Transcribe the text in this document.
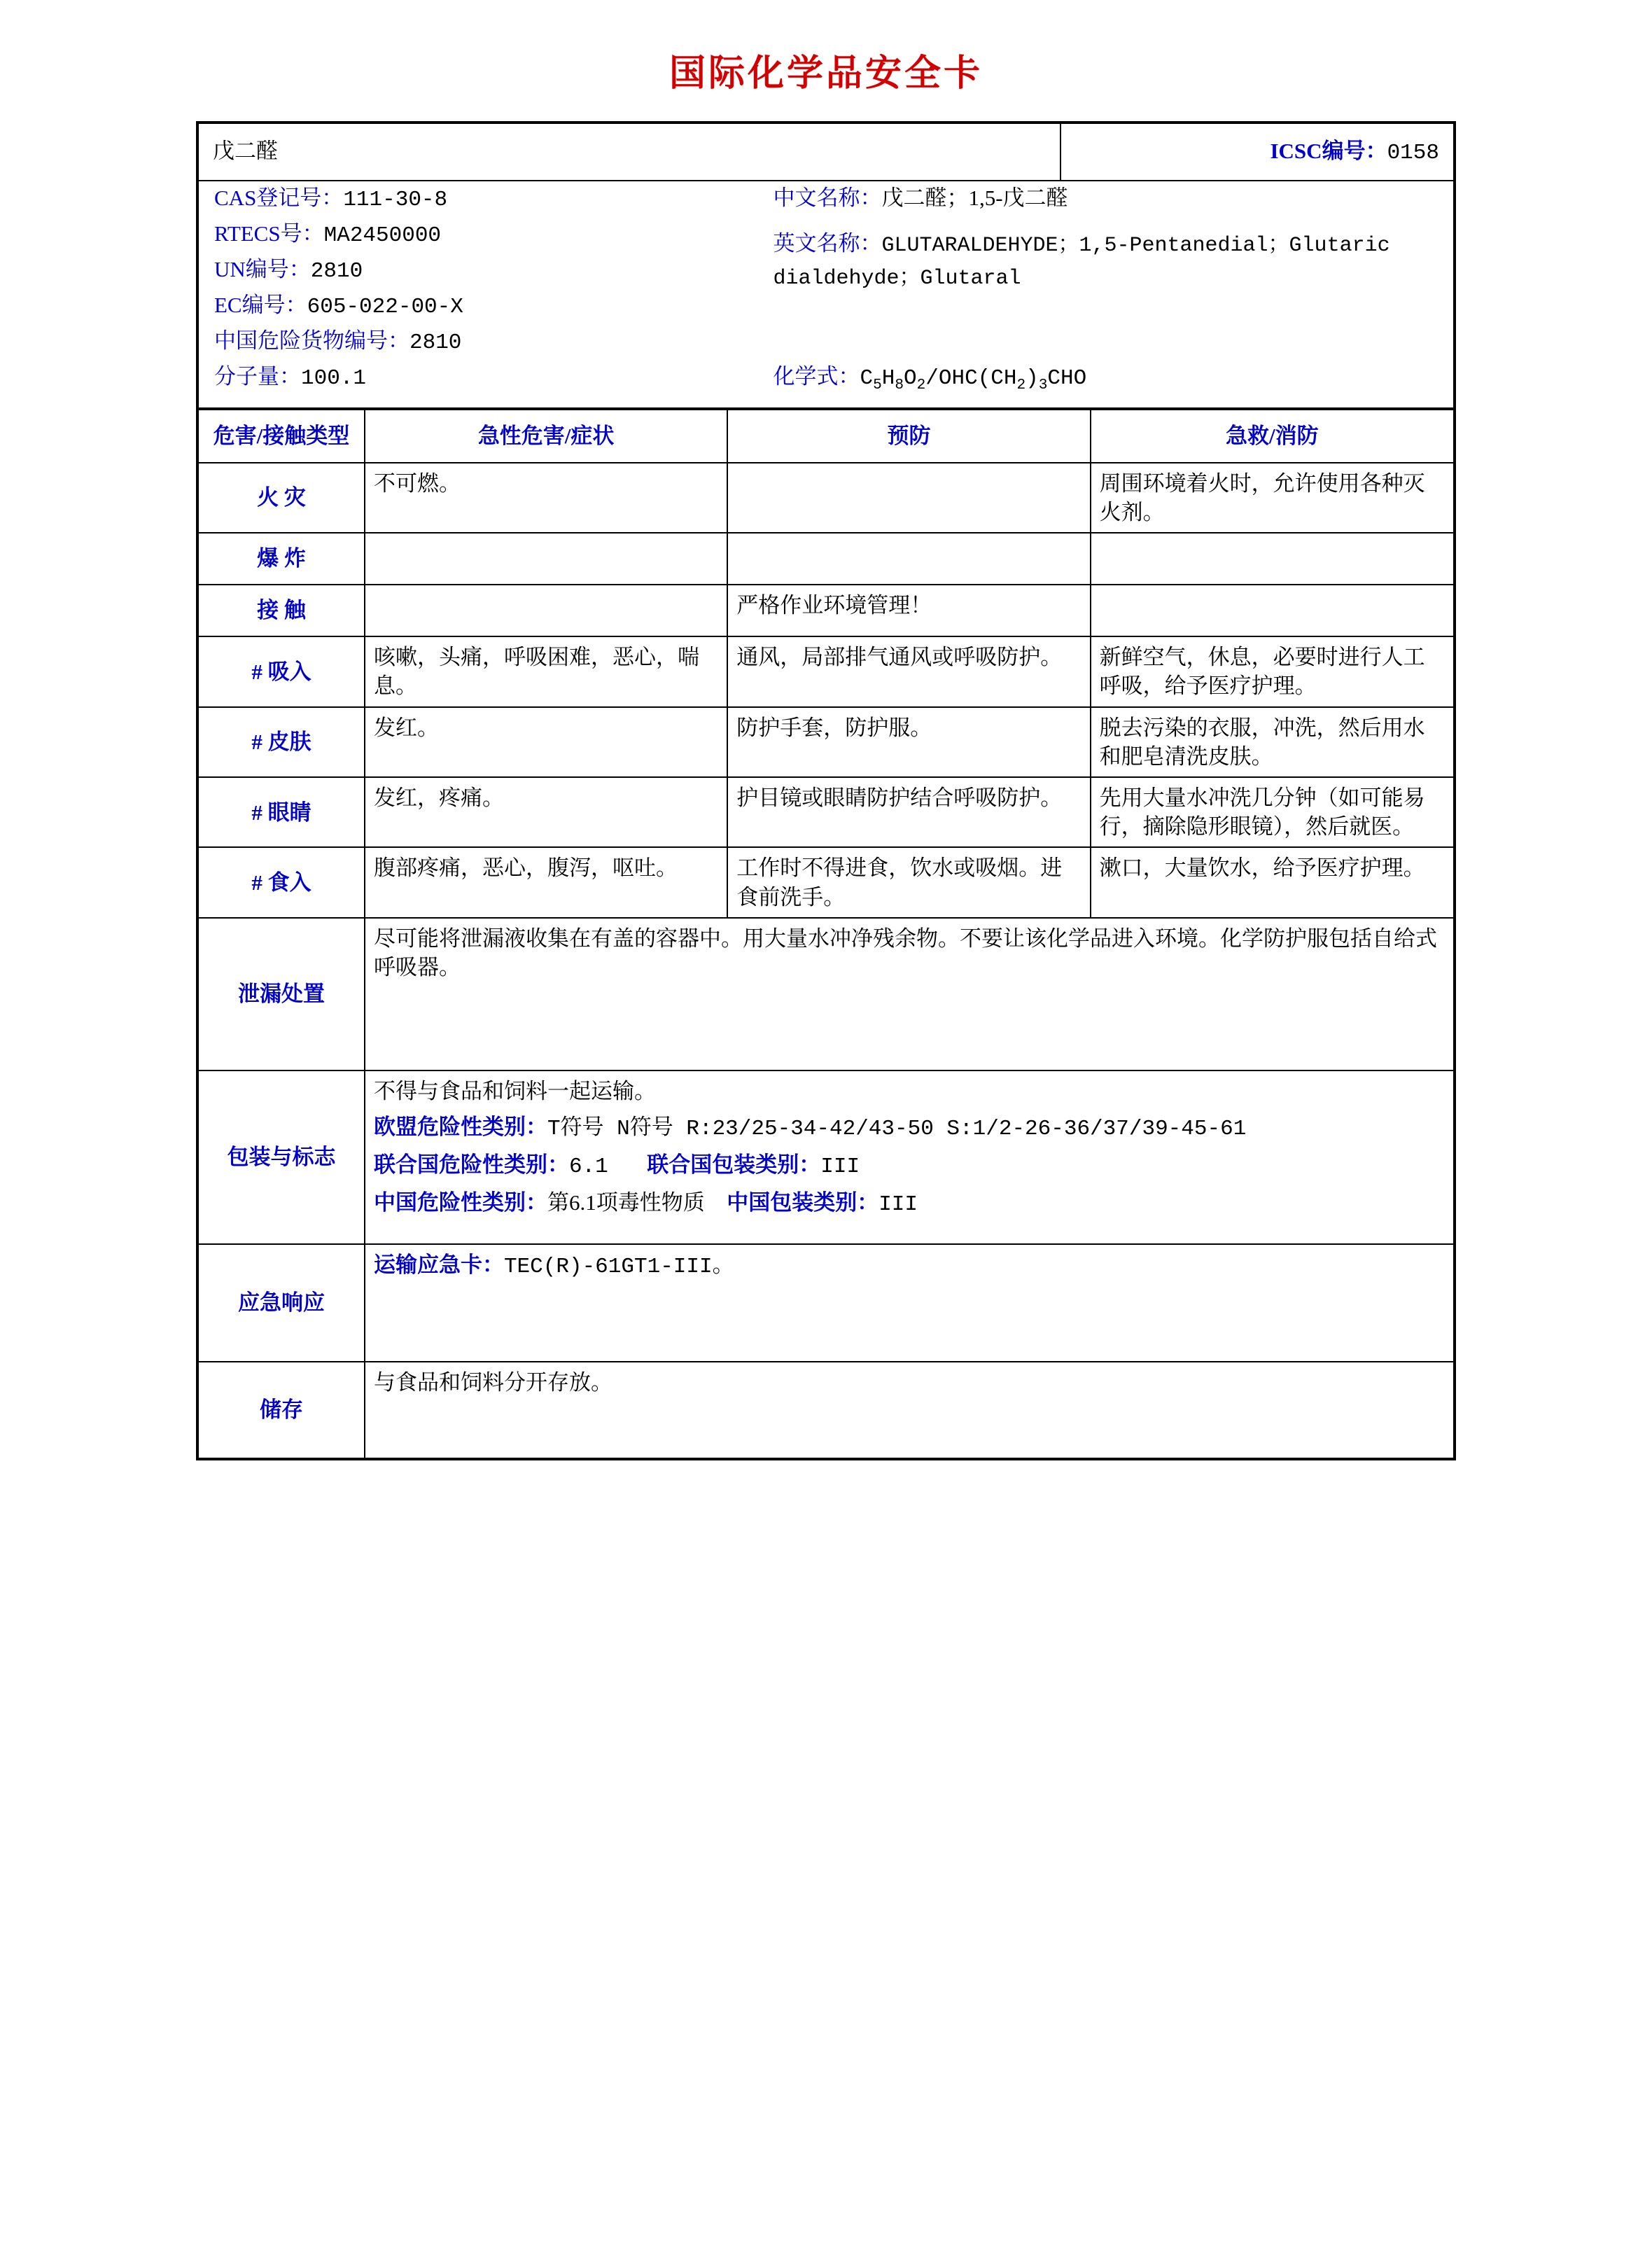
国际化学品安全卡
戊二醛	ICSC编号：0158
CAS登记号：111-30-8	中文名称：戊二醛；1,5-戊二醛
RTECS号：MA2450000	英文名称：GLUTARALDEHYDE；1,5-Pentanedial；Glutaric dialdehyde；Glutaral

UN编号：2810	
EC编号：605-022-00-X	
中国危险货物编号：2810	
分子量：100.1	化学式：$C_5H_8O_2/OHC(CH_2)_3CHO$
危害/接触类型	急性危害/症状	预防	急救/消防
火 灾	不可燃。		周围环境着火时，允许使用各种灭火剂。
爆 炸			
接 触		严格作业环境管理！	
# 吸入	咳嗽，头痛，呼吸困难，恶心，喘息。	通风，局部排气通风或呼吸防护。	新鲜空气，休息，必要时进行人工呼吸，给予医疗护理。
# 皮肤	发红。	防护手套，防护服。	脱去污染的衣服，冲洗，然后用水和肥皂清洗皮肤。
# 眼睛	发红，疼痛。	护目镜或眼睛防护结合呼吸防护。	先用大量水冲洗几分钟（如可能易行，摘除隐形眼镜），然后就医。
# 食入	腹部疼痛，恶心，腹泻，呕吐。	工作时不得进食，饮水或吸烟。进食前洗手。	漱口，大量饮水，给予医疗护理。
泄漏处置	尽可能将泄漏液收集在有盖的容器中。用大量水冲净残余物。不要让该化学品进入环境。化学防护服包括自给式呼吸器。		
包装与标志	不得与食品和饲料一起运输。
欧盟危险性类别：T符号 N符号 R:23/25-34-42/43-50 S:1/2-26-36/37/39-45-61
联合国危险性类别：6.1 联合国包装类别：III
中国危险性类别：第6.1项毒性物质 中国包装类别：III		

应急响应	运输应急卡：TEC(R)-61GT1-III。		
储存	与食品和饲料分开存放。		
